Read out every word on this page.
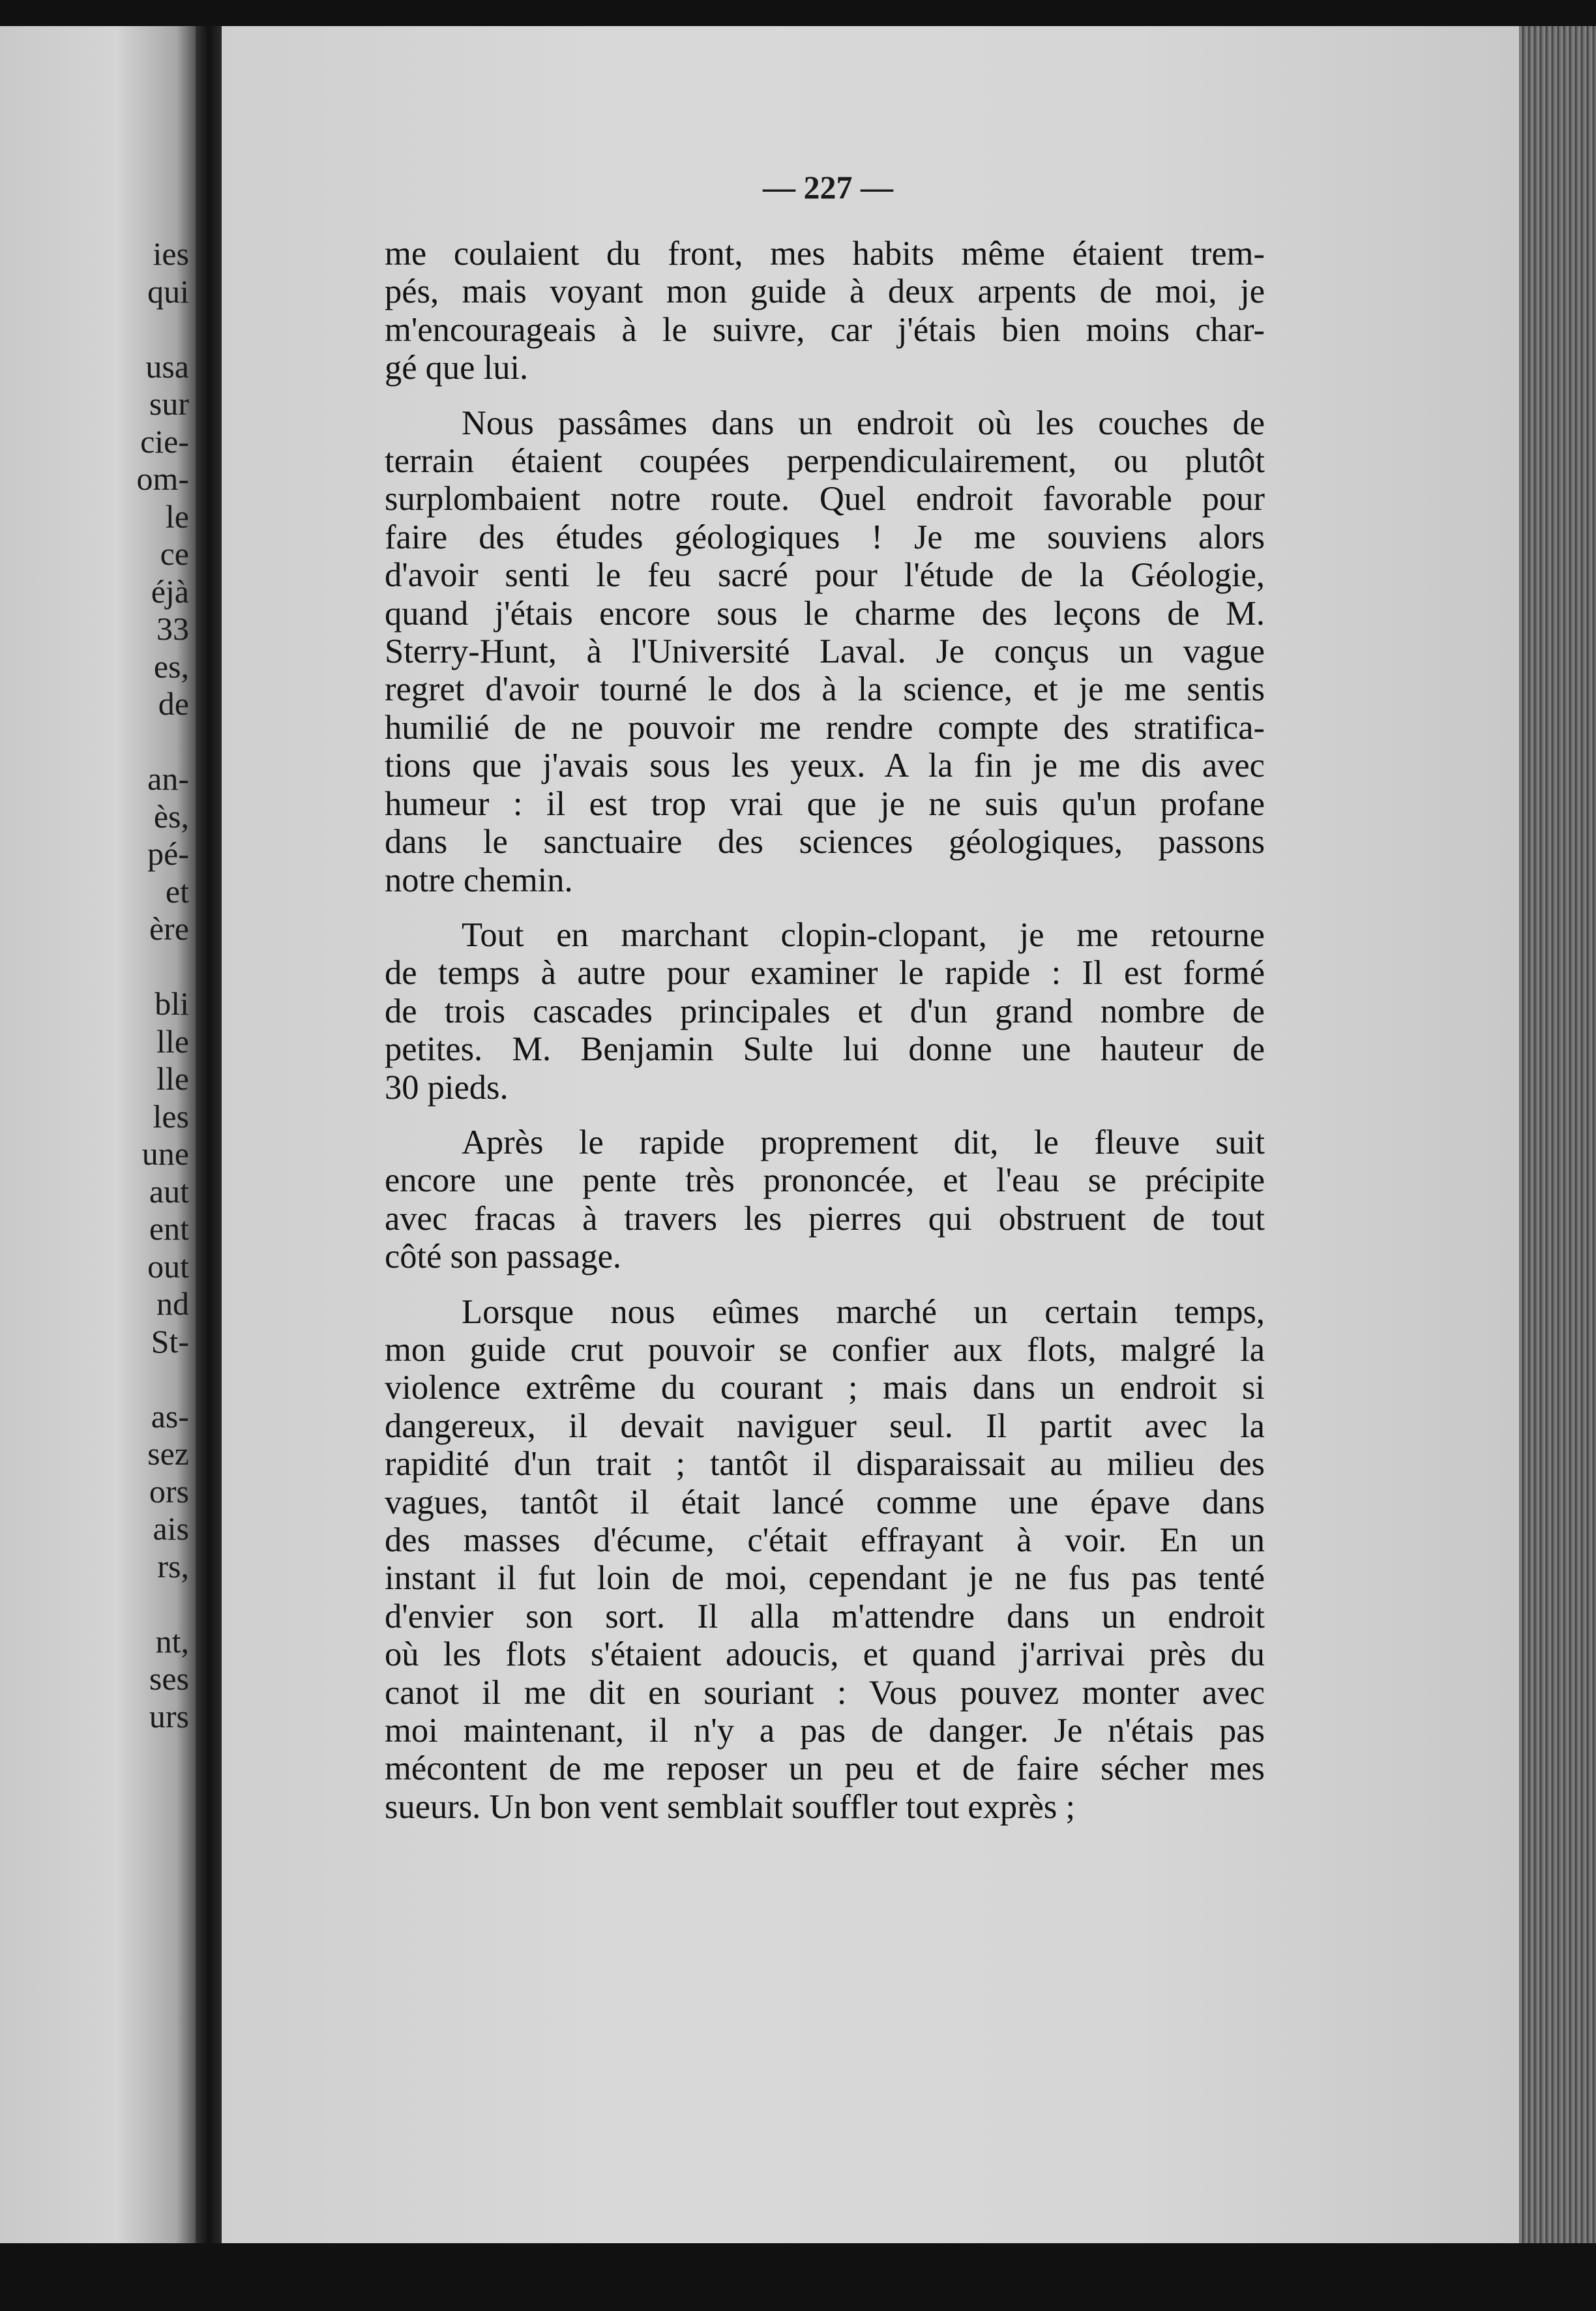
ies
qui
usa
sur
cie-
om-
le
ce
éjà
33
es,
de
an-
ès,
pé-
et
ère
bli
lle
lle
les
une
aut
ent
out
nd
St-
as-
sez
ors
ais
rs,
nt,
ses
urs
— 227 —
me coulaient du front, mes habits même étaient trem-
pés, mais voyant mon guide à deux arpents de moi, je
m'encourageais à le suivre, car j'étais bien moins char-
gé que lui.
Nous passâmes dans un endroit où les couches de
terrain étaient coupées perpendiculairement, ou plutôt
surplombaient notre route. Quel endroit favorable pour
faire des études géologiques ! Je me souviens alors
d'avoir senti le feu sacré pour l'étude de la Géologie,
quand j'étais encore sous le charme des leçons de M.
Sterry-Hunt, à l'Université Laval. Je conçus un vague
regret d'avoir tourné le dos à la science, et je me sentis
humilié de ne pouvoir me rendre compte des stratifica-
tions que j'avais sous les yeux. A la fin je me dis avec
humeur : il est trop vrai que je ne suis qu'un profane
dans le sanctuaire des sciences géologiques, passons
notre chemin.
Tout en marchant clopin-clopant, je me retourne
de temps à autre pour examiner le rapide : Il est formé
de trois cascades principales et d'un grand nombre de
petites. M. Benjamin Sulte lui donne une hauteur de
30 pieds.
Après le rapide proprement dit, le fleuve suit
encore une pente très prononcée, et l'eau se précipite
avec fracas à travers les pierres qui obstruent de tout
côté son passage.
Lorsque nous eûmes marché un certain temps,
mon guide crut pouvoir se confier aux flots, malgré la
violence extrême du courant ; mais dans un endroit si
dangereux, il devait naviguer seul. Il partit avec la
rapidité d'un trait ; tantôt il disparaissait au milieu des
vagues, tantôt il était lancé comme une épave dans
des masses d'écume, c'était effrayant à voir. En un
instant il fut loin de moi, cependant je ne fus pas tenté
d'envier son sort. Il alla m'attendre dans un endroit
où les flots s'étaient adoucis, et quand j'arrivai près du
canot il me dit en souriant : Vous pouvez monter avec
moi maintenant, il n'y a pas de danger. Je n'étais pas
mécontent de me reposer un peu et de faire sécher mes
sueurs. Un bon vent semblait souffler tout exprès ;
